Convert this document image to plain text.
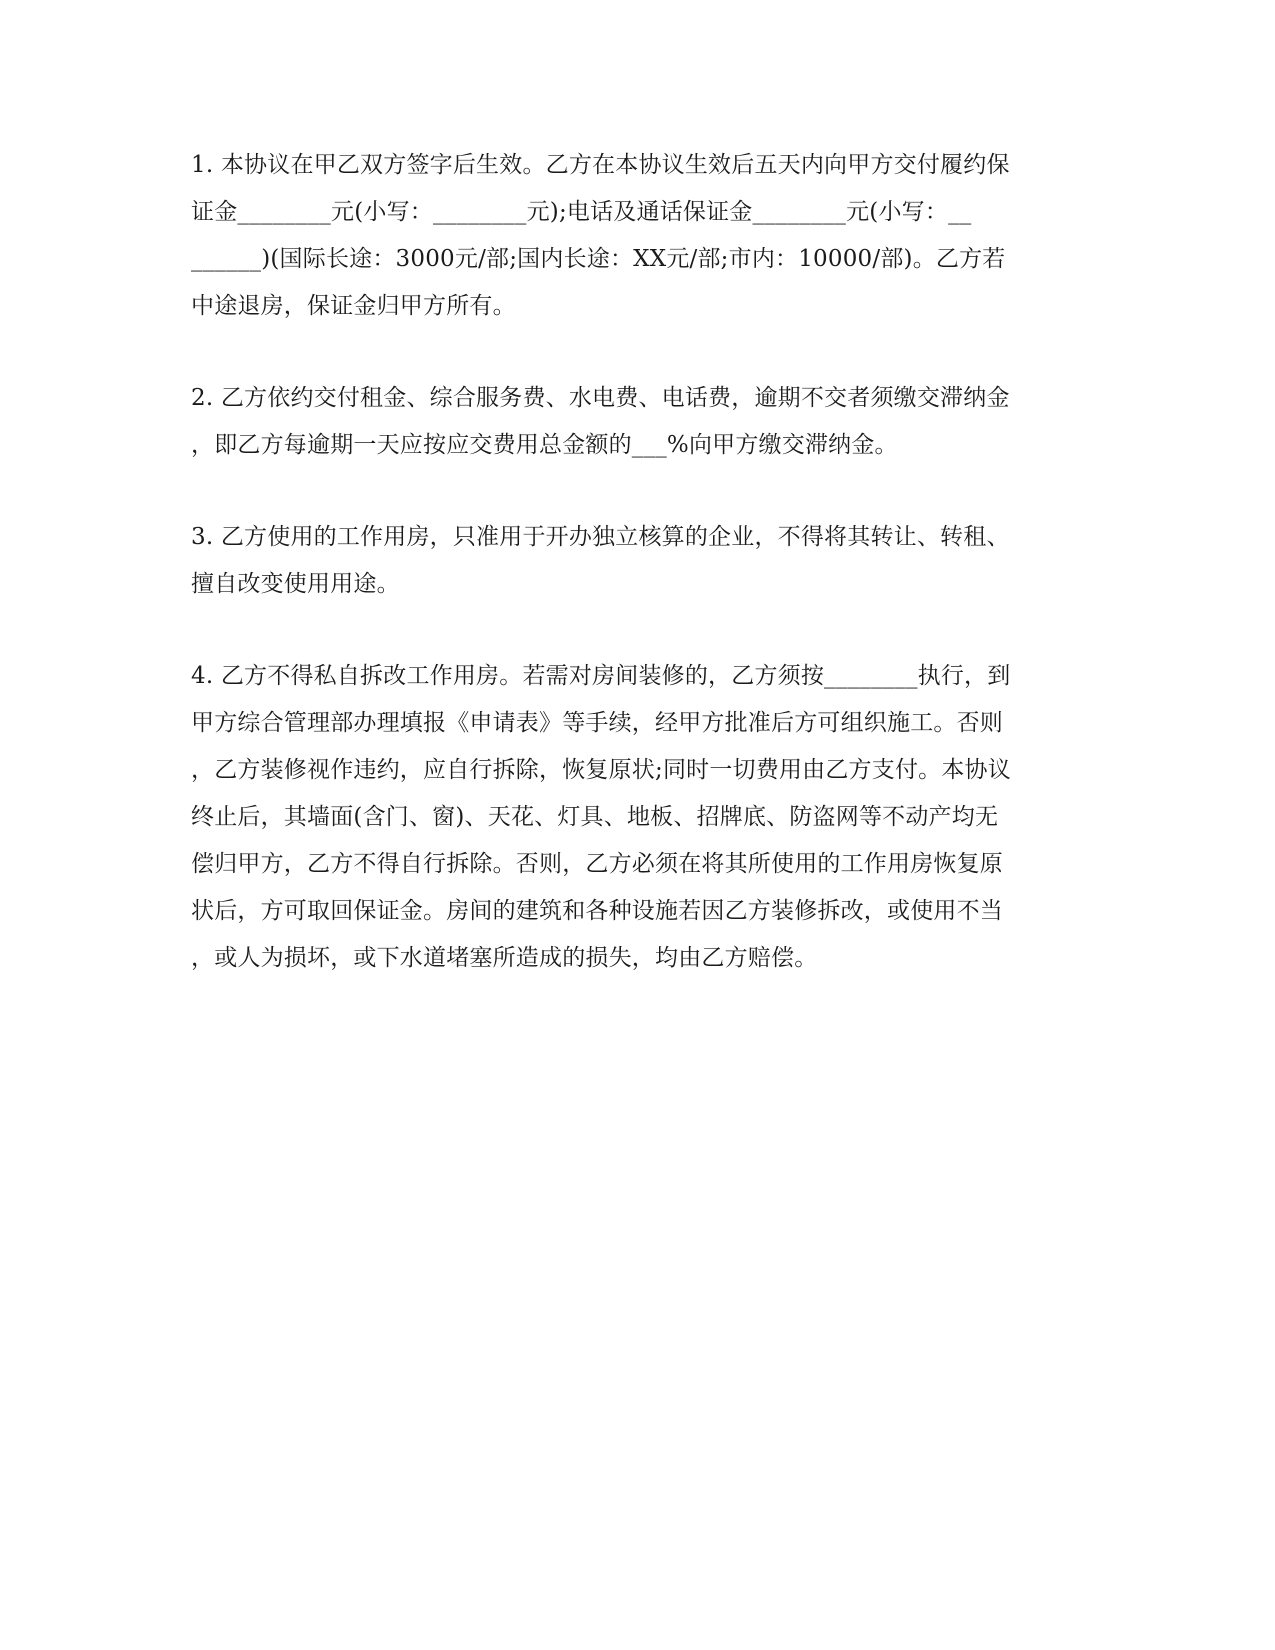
1. 本协议在甲乙双方签字后生效。乙方在本协议生效后五天内向甲方交付履约保
证金________元(小写：________元);电话及通话保证金________元(小写：__
______)(国际长途：3000元/部;国内长途：XX元/部;市内：10000/部)。乙方若
中途退房，保证金归甲方所有。
2. 乙方依约交付租金、综合服务费、水电费、电话费，逾期不交者须缴交滞纳金
，即乙方每逾期一天应按应交费用总金额的___%向甲方缴交滞纳金。
3. 乙方使用的工作用房，只准用于开办独立核算的企业，不得将其转让、转租、
擅自改变使用用途。
4. 乙方不得私自拆改工作用房。若需对房间装修的，乙方须按________执行，到
甲方综合管理部办理填报《申请表》等手续，经甲方批准后方可组织施工。否则
，乙方装修视作违约，应自行拆除，恢复原状;同时一切费用由乙方支付。本协议
终止后，其墙面(含门、窗)、天花、灯具、地板、招牌底、防盗网等不动产均无
偿归甲方，乙方不得自行拆除。否则，乙方必须在将其所使用的工作用房恢复原
状后，方可取回保证金。房间的建筑和各种设施若因乙方装修拆改，或使用不当
，或人为损坏，或下水道堵塞所造成的损失，均由乙方赔偿。
